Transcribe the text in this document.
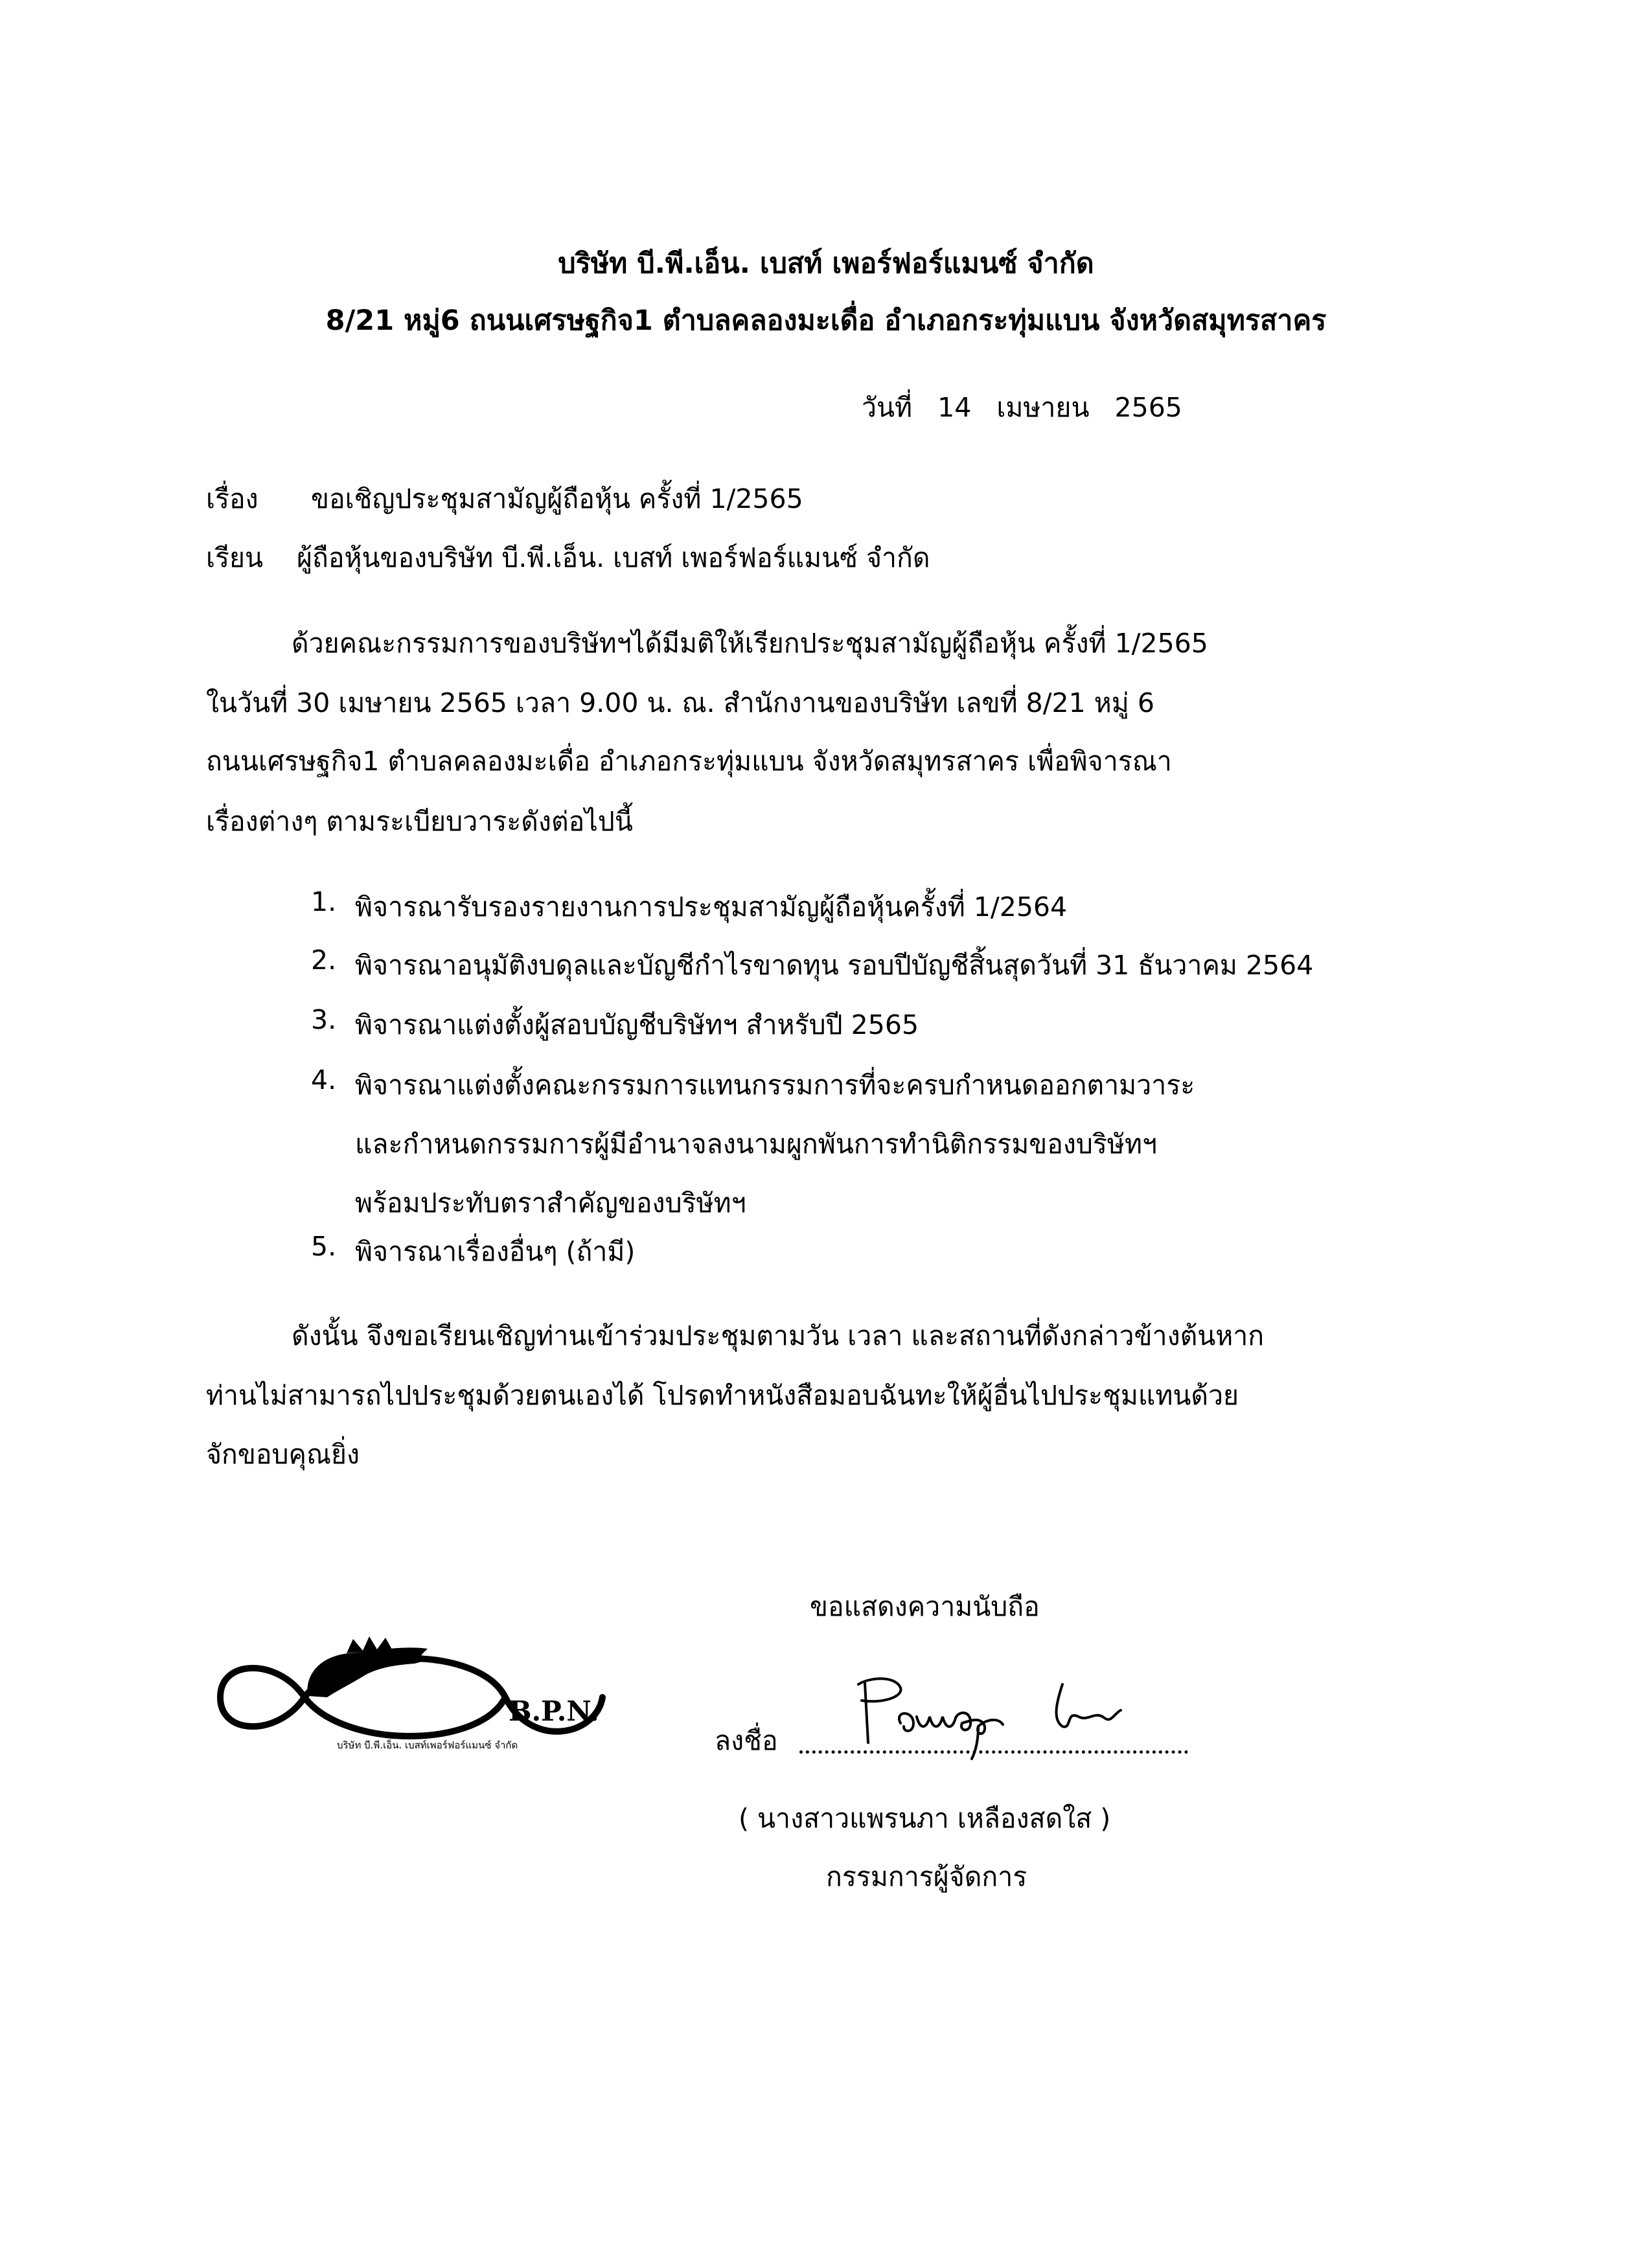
บริษัท บี.พี.เอ็น. เบสท์ เพอร์ฟอร์แมนซ์ จำกัด
8/21 หมู่6 ถนนเศรษฐกิจ1 ตำบลคลองมะเดื่อ อำเภอกระทุ่มแบน จังหวัดสมุทรสาคร
วันที่ 14 เมษายน 2565
เรื่อง ขอเชิญประชุมสามัญผู้ถือหุ้น ครั้งที่ 1/2565
เรียน ผู้ถือหุ้นของบริษัท บี.พี.เอ็น. เบสท์ เพอร์ฟอร์แมนซ์ จำกัด
ด้วยคณะกรรมการของบริษัทฯได้มีมติให้เรียกประชุมสามัญผู้ถือหุ้น ครั้งที่ 1/2565
ในวันที่ 30 เมษายน 2565 เวลา 9.00 น. ณ. สำนักงานของบริษัท เลขที่ 8/21 หมู่ 6
ถนนเศรษฐกิจ1 ตำบลคลองมะเดื่อ อำเภอกระทุ่มแบน จังหวัดสมุทรสาคร เพื่อพิจารณา
เรื่องต่างๆ ตามระเบียบวาระดังต่อไปนี้
1. พิจารณารับรองรายงานการประชุมสามัญผู้ถือหุ้นครั้งที่ 1/2564
2. พิจารณาอนุมัติงบดุลและบัญชีกำไรขาดทุน รอบปีบัญชีสิ้นสุดวันที่ 31 ธันวาคม 2564
3. พิจารณาแต่งตั้งผู้สอบบัญชีบริษัทฯ สำหรับปี 2565
4. พิจารณาแต่งตั้งคณะกรรมการแทนกรรมการที่จะครบกำหนดออกตามวาระ
และกำหนดกรรมการผู้มีอำนาจลงนามผูกพันการทำนิติกรรมของบริษัทฯ
พร้อมประทับตราสำคัญของบริษัทฯ
5. พิจารณาเรื่องอื่นๆ (ถ้ามี)
ดังนั้น จึงขอเรียนเชิญท่านเข้าร่วมประชุมตามวัน เวลา และสถานที่ดังกล่าวข้างต้นหาก
ท่านไม่สามารถไปประชุมด้วยตนเองได้ โปรดทำหนังสือมอบฉันทะให้ผู้อื่นไปประชุมแทนด้วย
จักขอบคุณยิ่ง
ขอแสดงความนับถือ
B.P.N.
บริษัท บี.พี.เอ็น. เบสท์เพอร์ฟอร์แมนซ์ จำกัด	ลงชื่อ
( นางสาวแพรนภา เหลืองสดใส )
กรรมการผู้จัดการ
